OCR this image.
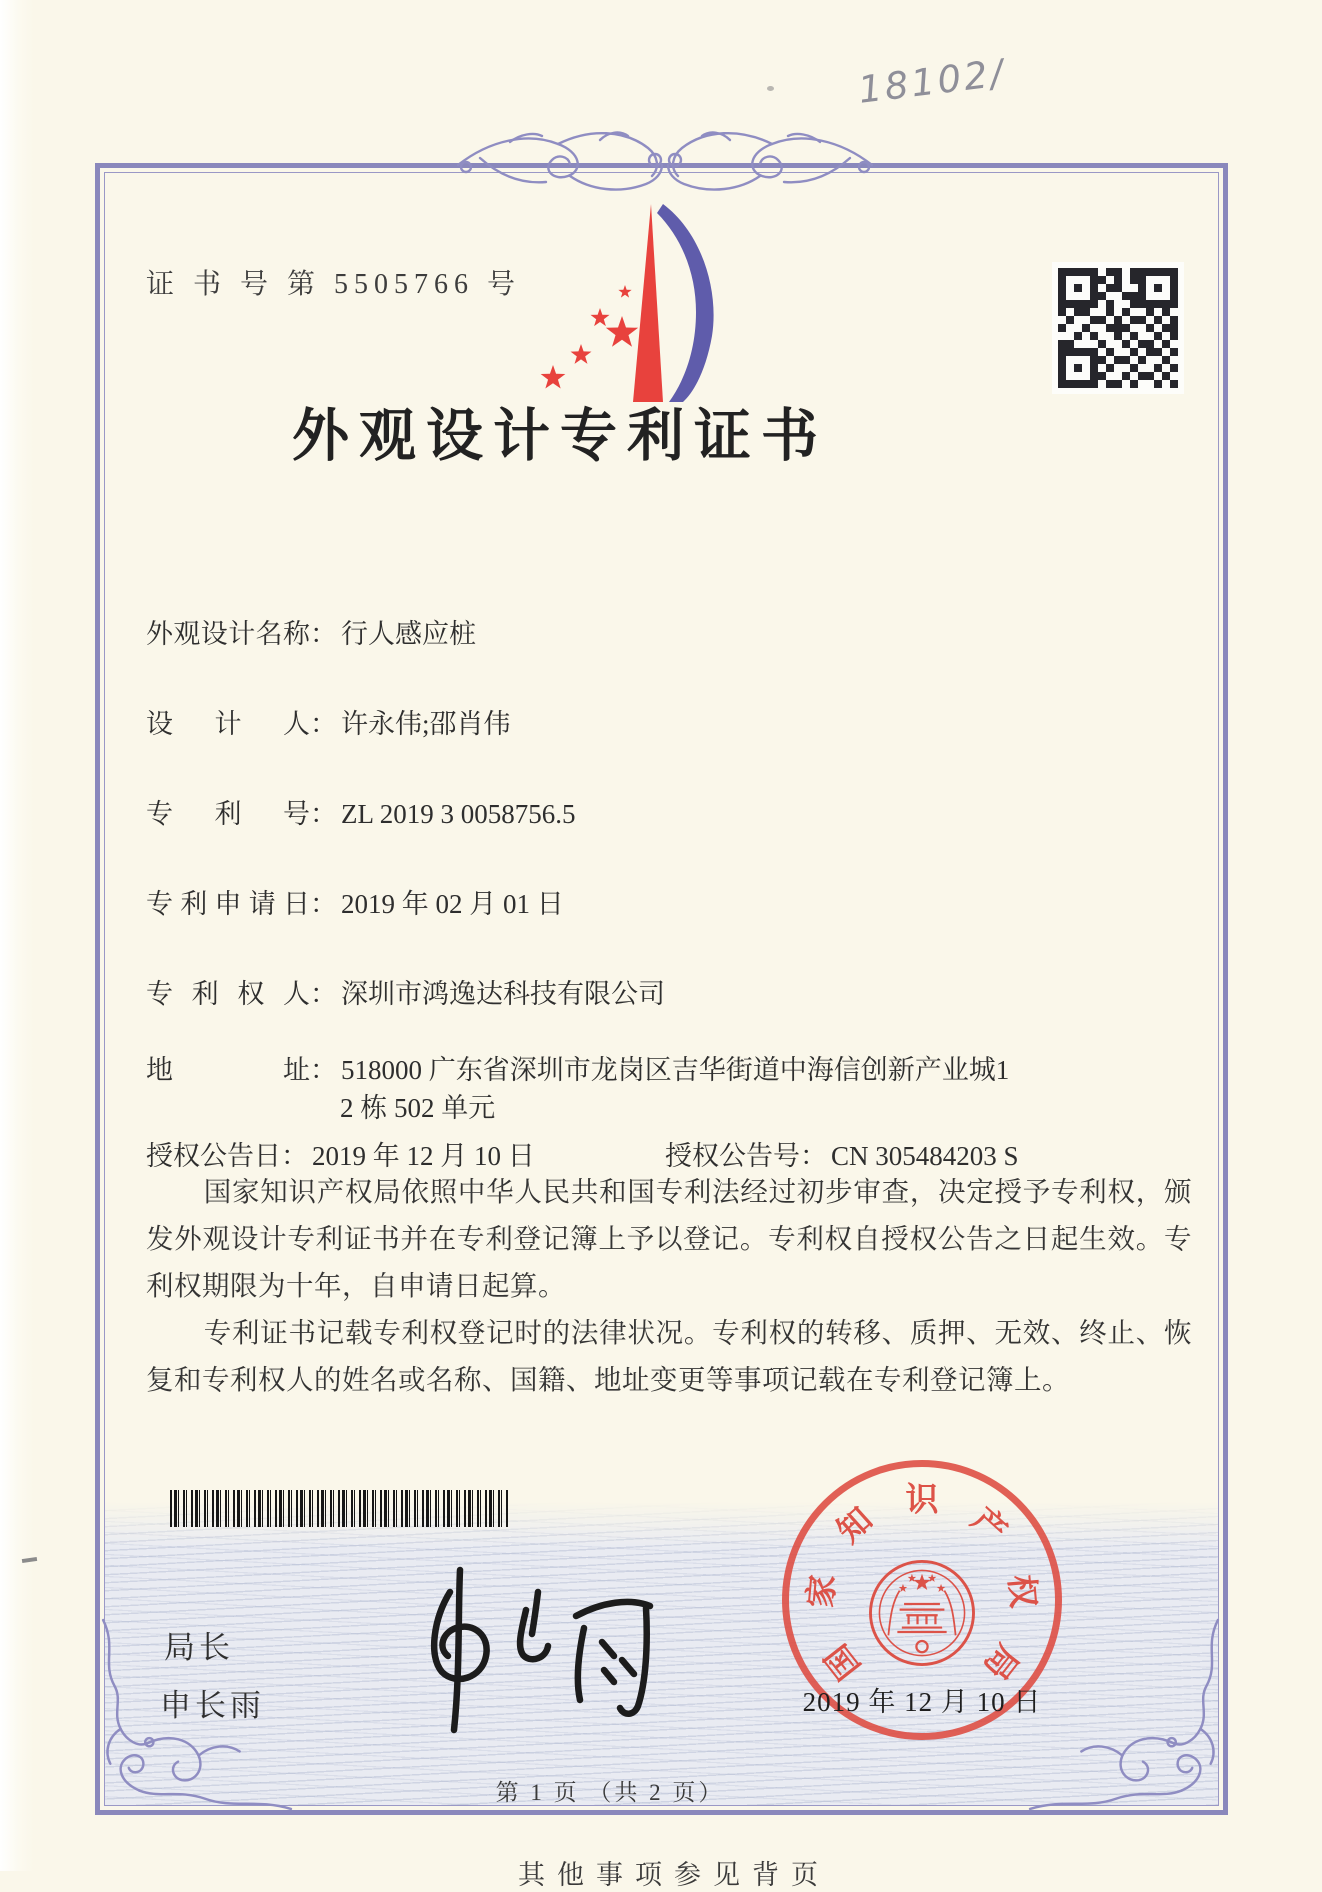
18102/
证 书 号 第 5505766 号
外观设计专利证书
外观设计名称： 行人感应桩
设计人： 许永伟;邵肖伟
专利号： ZL 2019 3 0058756.5
专利申请日： 2019 年 02 月 01 日
专利权人： 深圳市鸿逸达科技有限公司
地址： 518000 广东省深圳市龙岗区吉华街道中海信创新产业城1
2 栋 502 单元
授权公告日： 2019 年 12 月 10 日	授权公告号： CN 305484203 S

国家知识产权局依照中华人民共和国专利法经过初步审查，决定授予专利权，颁发外观设计专利证书并在专利登记簿上予以登记。专利权自授权公告之日起生效。专利权期限为十年，自申请日起算。

专利证书记载专利权登记时的法律状况。专利权的转移、质押、无效、终止、恢复和专利权人的姓名或名称、国籍、地址变更等事项记载在专利登记簿上。

局长
申长雨
国
家
知
识
产
权
局
2019 年 12 月 10 日
第 1 页 （共 2 页）
其他事项参见背页
